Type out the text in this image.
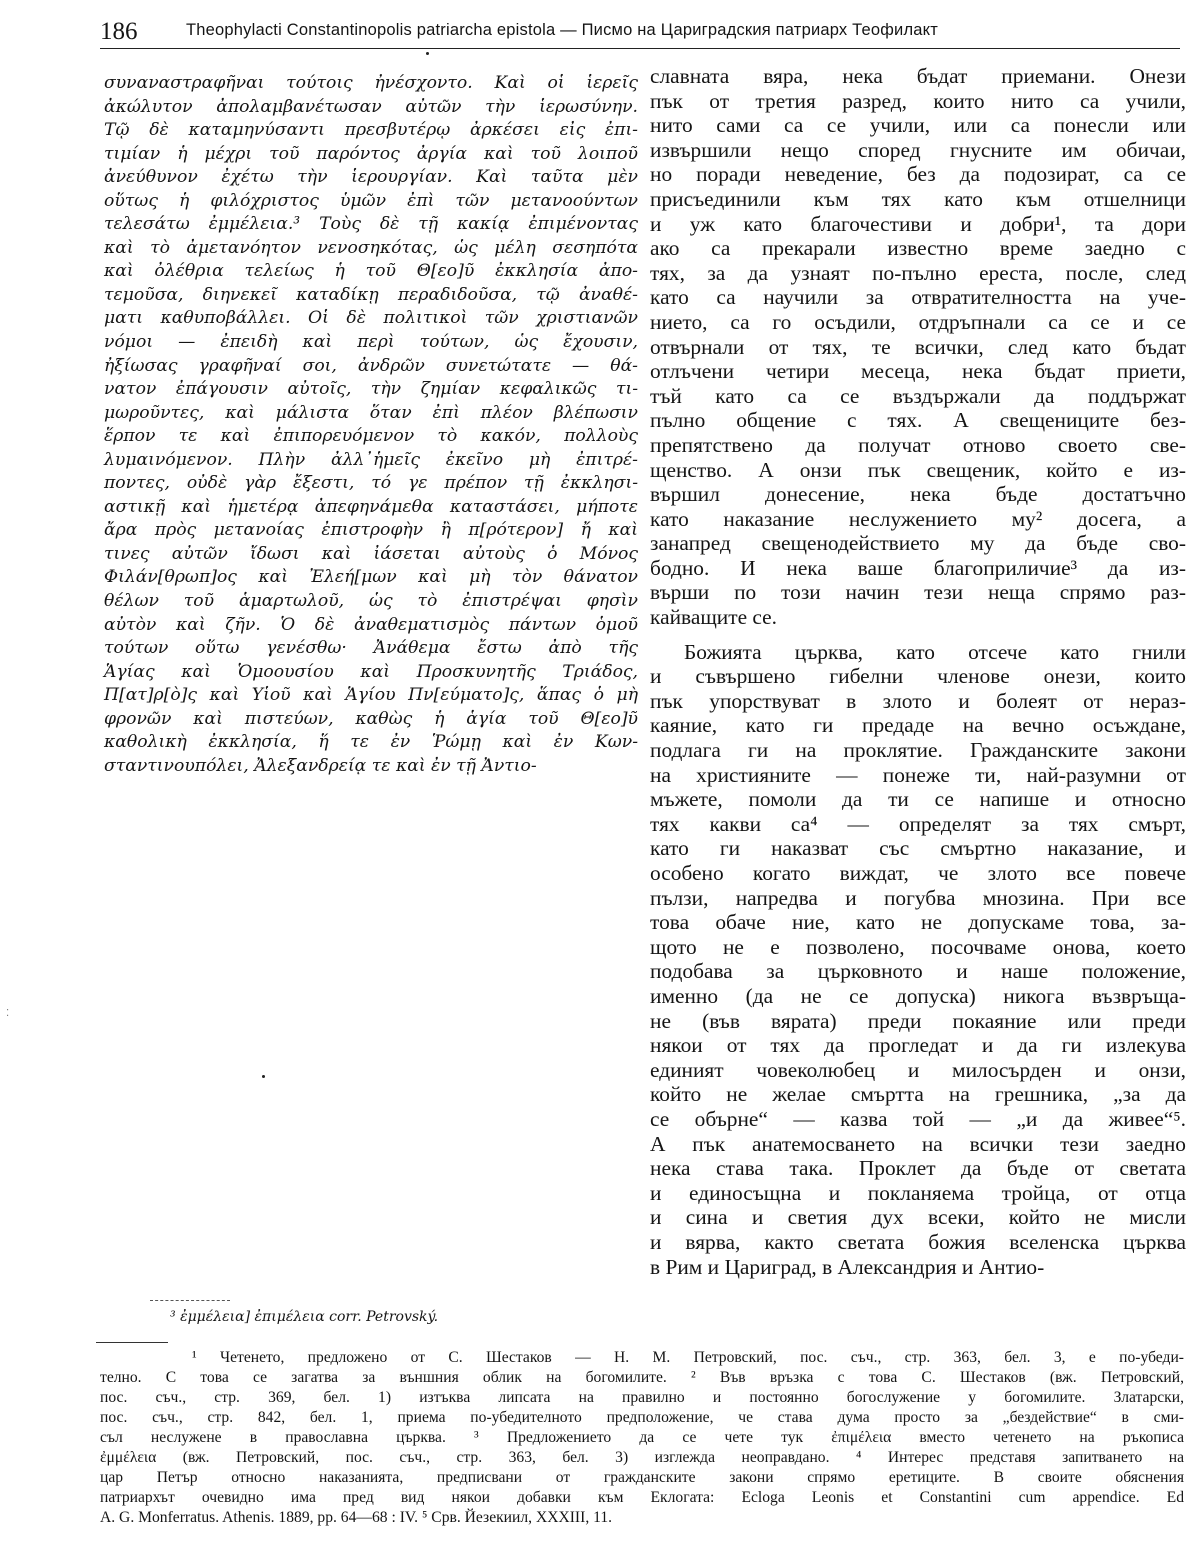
186	Theophylacti Constantinopolis patriarcha epistola — Писмо на Цариградския патриарх Теофилакт
συναναστραφῆναι τούτοις ἠνέσχοντο. Καὶ οἱ ἱερεῖς
ἀκώλυτον ἀπολαμβανέτωσαν αὐτῶν τὴν ἱερωσύνην.
Τῷ δὲ καταμηνύσαντι πρεσβυτέρῳ ἀρκέσει εἰς ἐπι-
τιμίαν ἡ μέχρι τοῦ παρόντος ἀργία καὶ τοῦ λοιποῦ
ἀνεύθυνον ἐχέτω τὴν ἱερουργίαν. Καὶ ταῦτα μὲν
οὕτως ἡ φιλόχριστος ὑμῶν ἐπὶ τῶν μετανοούντων
τελεσάτω ἐμμέλεια.³ Τοὺς δὲ τῇ κακίᾳ ἐπιμένοντας
καὶ τὸ ἀμετανόητον νενοσηκότας, ὡς μέλη σεσηπότα
καὶ ὀλέθρια τελείως ἡ τοῦ Θ[εο]ῦ ἐκκλησία ἀπο-
τεμοῦσα, διηνεκεῖ καταδίκῃ περαδιδοῦσα, τῷ ἀναθέ-
ματι καθυποβάλλει. Οἱ δὲ πολιτικοὶ τῶν χριστιανῶν
νόμοι — ἐπειδὴ καὶ περὶ τούτων, ὡς ἔχουσιν,
ἠξίωσας γραφῆναί σοι, ἀνδρῶν συνετώτατε — θά-
νατον ἐπάγουσιν αὐτοῖς, τὴν ζημίαν κεφαλικῶς τι-
μωροῦντες, καὶ μάλιστα ὅταν ἐπὶ πλέον βλέπωσιν
ἕρπον τε καὶ ἐπιπορευόμενον τὸ κακόν, πολλοὺς
λυμαινόμενον. Πλὴν ἀλλ᾽ἡμεῖς ἐκεῖνο μὴ ἐπιτρέ-
ποντες, οὐδὲ γὰρ ἔξεστι, τό γε πρέπον τῇ ἐκκλησι-
αστικῇ καὶ ἡμετέρᾳ ἀπεφηνάμεθα καταστάσει, μήποτε
ἄρα πρὸς μετανοίας ἐπιστροφὴν ἢ π[ρότερον] ἤ καὶ
τινες αὐτῶν ἴδωσι καὶ ἰάσεται αὐτοὺς ὁ Μόνος
Φιλάν[θρωπ]ος καὶ Ἐλεή[μων καὶ μὴ τὸν θάνατον
θέλων τοῦ ἁμαρτωλοῦ, ὡς τὸ ἐπιστρέψαι φησὶν
αὐτὸν καὶ ζῆν. Ὁ δὲ ἀναθεματισμὸς πάντων ὁμοῦ
τούτων οὕτω γενέσθω· Ἀνάθεμα ἔστω ἀπὸ τῆς
Ἁγίας καὶ Ὁμοουσίου καὶ Προσκυνητῆς Τριάδος,
Π[ατ]ρ[ὸ]ς καὶ Υἱοῦ καὶ Ἁγίου Πν[εύματο]ς, ἅπας ὁ μὴ
φρονῶν καὶ πιστεύων, καθὼς ἡ ἁγία τοῦ Θ[εο]ῦ
καθολικὴ ἐκκλησία, ἥ τε ἐν Ῥώμῃ καὶ ἐν Κων-
σταντινουπόλει, Ἀλεξανδρείᾳ τε καὶ ἐν τῇ Ἀντιο-
славната вяра, нека бъдат приемани. Онези
пък от третия разред, които нито са учили,
нито сами са се учили, или са понесли или
извършили нещо според гнусните им обичаи,
но поради неведение, без да подозират, са се
присъединили към тях като към отшелници
и уж като благочестиви и добри¹, та дори
ако са прекарали известно време заедно с
тях, за да узнаят по-пълно ереста, после, след
като са научили за отвратителността на уче-
нието, са го осъдили, отдръпнали са се и се
отвърнали от тях, те всички, след като бъдат
отлъчени четири месеца, нека бъдат приети,
тъй като са се въздържали да поддържат
пълно общение с тях. А свещениците без-
препятствено да получат отново своето све-
щенство. А онзи пък свещеник, който е из-
вършил донесение, нека бъде достатъчно
като наказание неслужението му² досега, а
занапред свещенодействието му да бъде сво-
бодно. И нека ваше благоприличие³ да из-
върши по този начин тези неща спрямо раз-
кайващите се.
Божията църква, като отсече като гнили
и съвършено гибелни членове онези, които
пък упорствуват в злото и болеят от нерaз-
каяние, като ги предаде на вечно осъждане,
подлага ги на проклятие. Гражданските закони
на християните — понеже ти, най-разумни от
мъжете, помоли да ти се напише и относно
тях какви са⁴ — определят за тях смърт,
като ги наказват със смъртно наказание, и
особено когато виждат, че злото все повече
пълзи, напредва и погубва мнозина. При все
това обаче ние, като не допускаме това, за-
щото не е позволено, посочваме онова, което
подобава за църковното и наше положение,
именно (да не се допуска) никога възвръща-
не (във вярата) преди покаяние или преди
някои от тях да прогледат и да ги излекува
единият човеколюбец и милосърден и онзи,
който не желае смъртта на грешника, „за да
се обърне“ — казва той — „и да живее“⁵.
А пък анатемосването на всички тези заедно
нека става така. Проклет да бъде от светата
и единосъщна и покланяема тройца, от отца
и сина и светия дух всеки, който не мисли
и вярва, както светата божия вселенска църква
в Рим и Цариград, в Александрия и Антио-
³ ἐμμέλεια] ἐπιμέλεια corr. Petrovský.
¹ Четенето, предложено от С. Шестаков — Н. М. Петровский, пос. съч., стр. 363, бел. 3, е по-убеди-
телно. С това се загатва за външния облик на богомилите. ² Във връзка с това С. Шестаков (вж. Петровский,
пос. съч., стр. 369, бел. 1) изтъква липсата на правилно и постоянно богослужение у богомилите. Златарски,
пос. съч., стр. 842, бел. 1, приема по-убедителното предположение, че става дума просто за „бездействие“ в сми-
съл неслужене в православна църква. ³ Предложението да се чете тук ἐπιμέλεια вместо четенето на ръкописа
ἐμμέλεια (вж. Петровский, пос. съч., стр. 363, бел. 3) изглежда неоправдано. ⁴ Интерес представя запитването на
цар Петър относно наказанията, предписвани от гражданските закони спрямо еретиците. В своите обяснения
патриархът очевидно има пред вид някои добавки към Еклогата: Ecloga Leonis et Constantini cum appendice. Ed
A. G. Monferratus. Athenis. 1889, pp. 64—68 : IV. ⁵ Срв. Йезекиил, XXXIII, 11.
⁚
